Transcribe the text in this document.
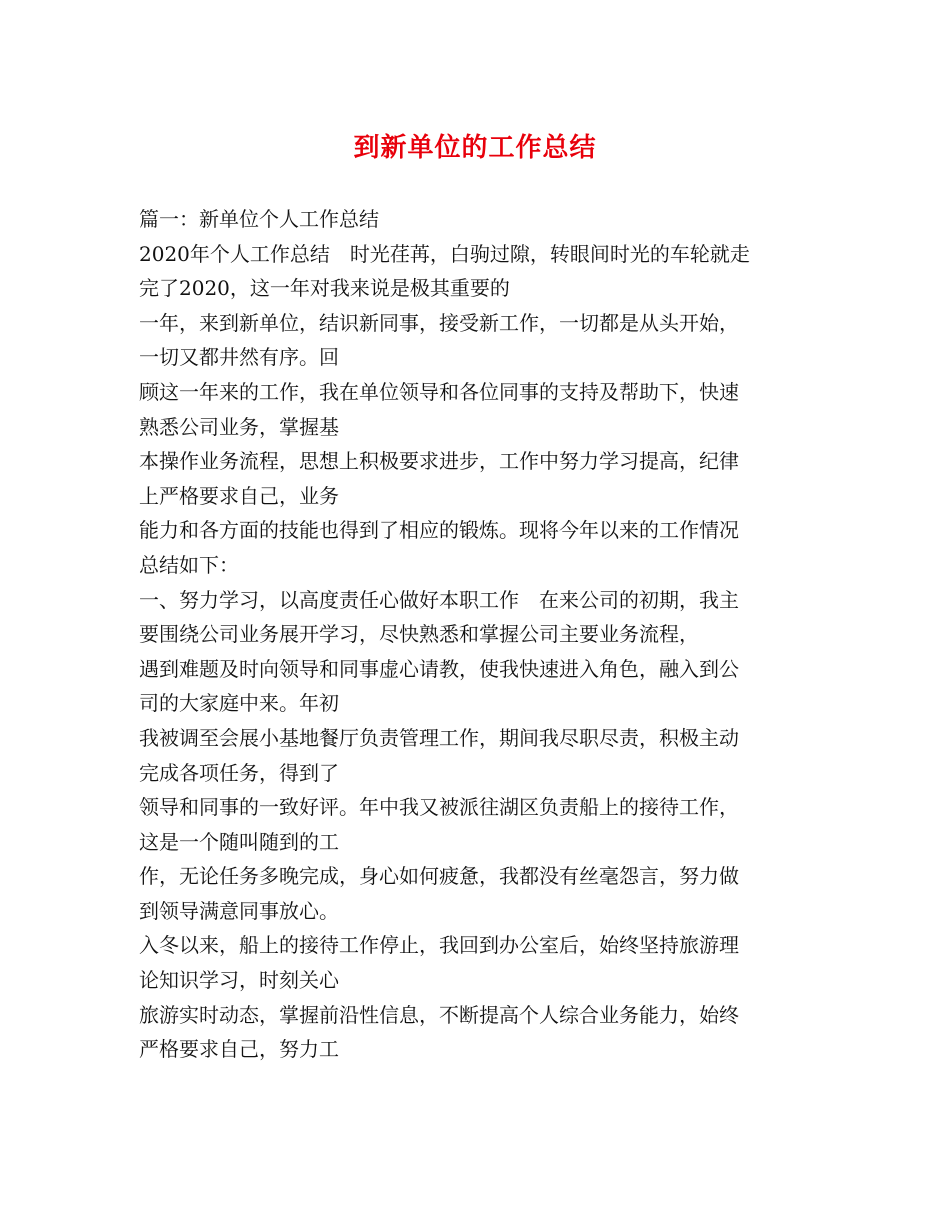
到新单位的工作总结
篇一：新单位个人工作总结
2020年个人工作总结　时光荏苒，白驹过隙，转眼间时光的车轮就走
完了2020，这一年对我来说是极其重要的
一年，来到新单位，结识新同事，接受新工作，一切都是从头开始，
一切又都井然有序。回
顾这一年来的工作，我在单位领导和各位同事的支持及帮助下，快速
熟悉公司业务，掌握基
本操作业务流程，思想上积极要求进步，工作中努力学习提高，纪律
上严格要求自己，业务
能力和各方面的技能也得到了相应的锻炼。现将今年以来的工作情况
总结如下：
一、努力学习，以高度责任心做好本职工作　在来公司的初期，我主
要围绕公司业务展开学习，尽快熟悉和掌握公司主要业务流程，
遇到难题及时向领导和同事虚心请教，使我快速进入角色，融入到公
司的大家庭中来。年初
我被调至会展小基地餐厅负责管理工作，期间我尽职尽责，积极主动
完成各项任务，得到了
领导和同事的一致好评。年中我又被派往湖区负责船上的接待工作，
这是一个随叫随到的工
作，无论任务多晚完成，身心如何疲惫，我都没有丝毫怨言，努力做
到领导满意同事放心。
入冬以来，船上的接待工作停止，我回到办公室后，始终坚持旅游理
论知识学习，时刻关心
旅游实时动态，掌握前沿性信息，不断提高个人综合业务能力，始终
严格要求自己，努力工
